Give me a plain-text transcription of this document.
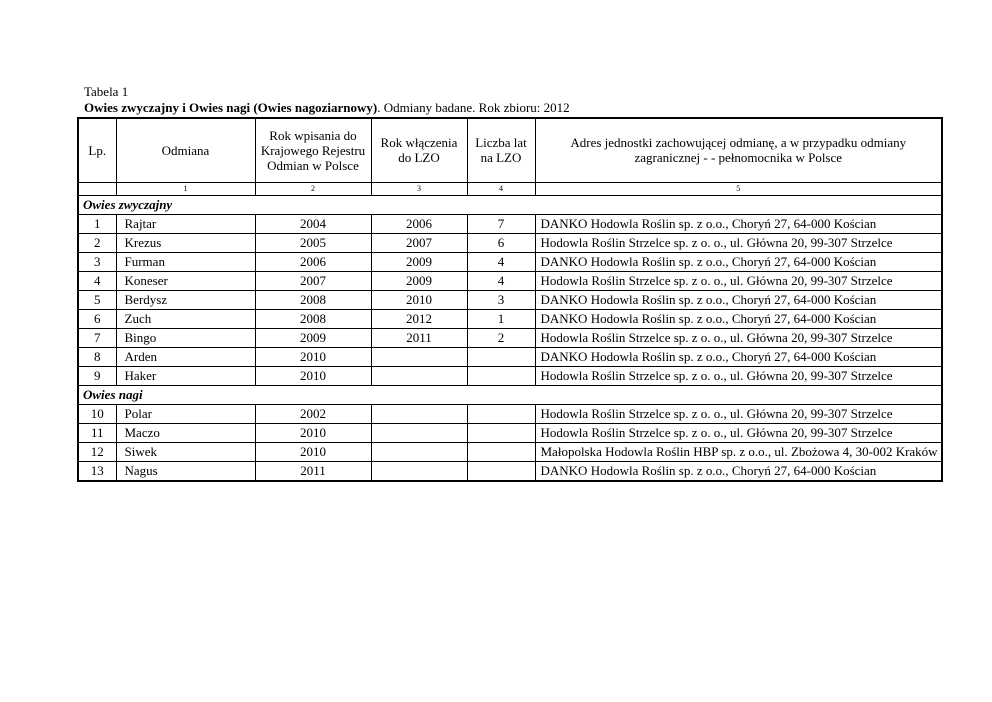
Tabela 1
Owies zwyczajny i Owies nagi (Owies nagoziarnowy). Odmiany badane. Rok zbioru: 2012
Lp.	Odmiana	Rok wpisania do Krajowego Rejestru Odmian w Polsce	Rok włączenia do LZO	Liczba lat na LZO	Adres jednostki zachowującej odmianę, a w przypadku odmiany zagranicznej - - pełnomocnika w Polsce
	1	2	3	4	5
Owies zwyczajny					
1	Rajtar	2004	2006	7	DANKO Hodowla Roślin sp. z o.o., Choryń 27, 64-000 Kościan
2	Krezus	2005	2007	6	Hodowla Roślin Strzelce sp. z o. o., ul. Główna 20, 99-307 Strzelce
3	Furman	2006	2009	4	DANKO Hodowla Roślin sp. z o.o., Choryń 27, 64-000 Kościan
4	Koneser	2007	2009	4	Hodowla Roślin Strzelce sp. z o. o., ul. Główna 20, 99-307 Strzelce
5	Berdysz	2008	2010	3	DANKO Hodowla Roślin sp. z o.o., Choryń 27, 64-000 Kościan
6	Zuch	2008	2012	1	DANKO Hodowla Roślin sp. z o.o., Choryń 27, 64-000 Kościan
7	Bingo	2009	2011	2	Hodowla Roślin Strzelce sp. z o. o., ul. Główna 20, 99-307 Strzelce
8	Arden	2010			DANKO Hodowla Roślin sp. z o.o., Choryń 27, 64-000 Kościan
9	Haker	2010			Hodowla Roślin Strzelce sp. z o. o., ul. Główna 20, 99-307 Strzelce
Owies nagi					
10	Polar	2002			Hodowla Roślin Strzelce sp. z o. o., ul. Główna 20, 99-307 Strzelce
11	Maczo	2010			Hodowla Roślin Strzelce sp. z o. o., ul. Główna 20, 99-307 Strzelce
12	Siwek	2010			Małopolska Hodowla Roślin HBP sp. z o.o., ul. Zbożowa 4, 30-002 Kraków
13	Nagus	2011			DANKO Hodowla Roślin sp. z o.o., Choryń 27, 64-000 Kościan
